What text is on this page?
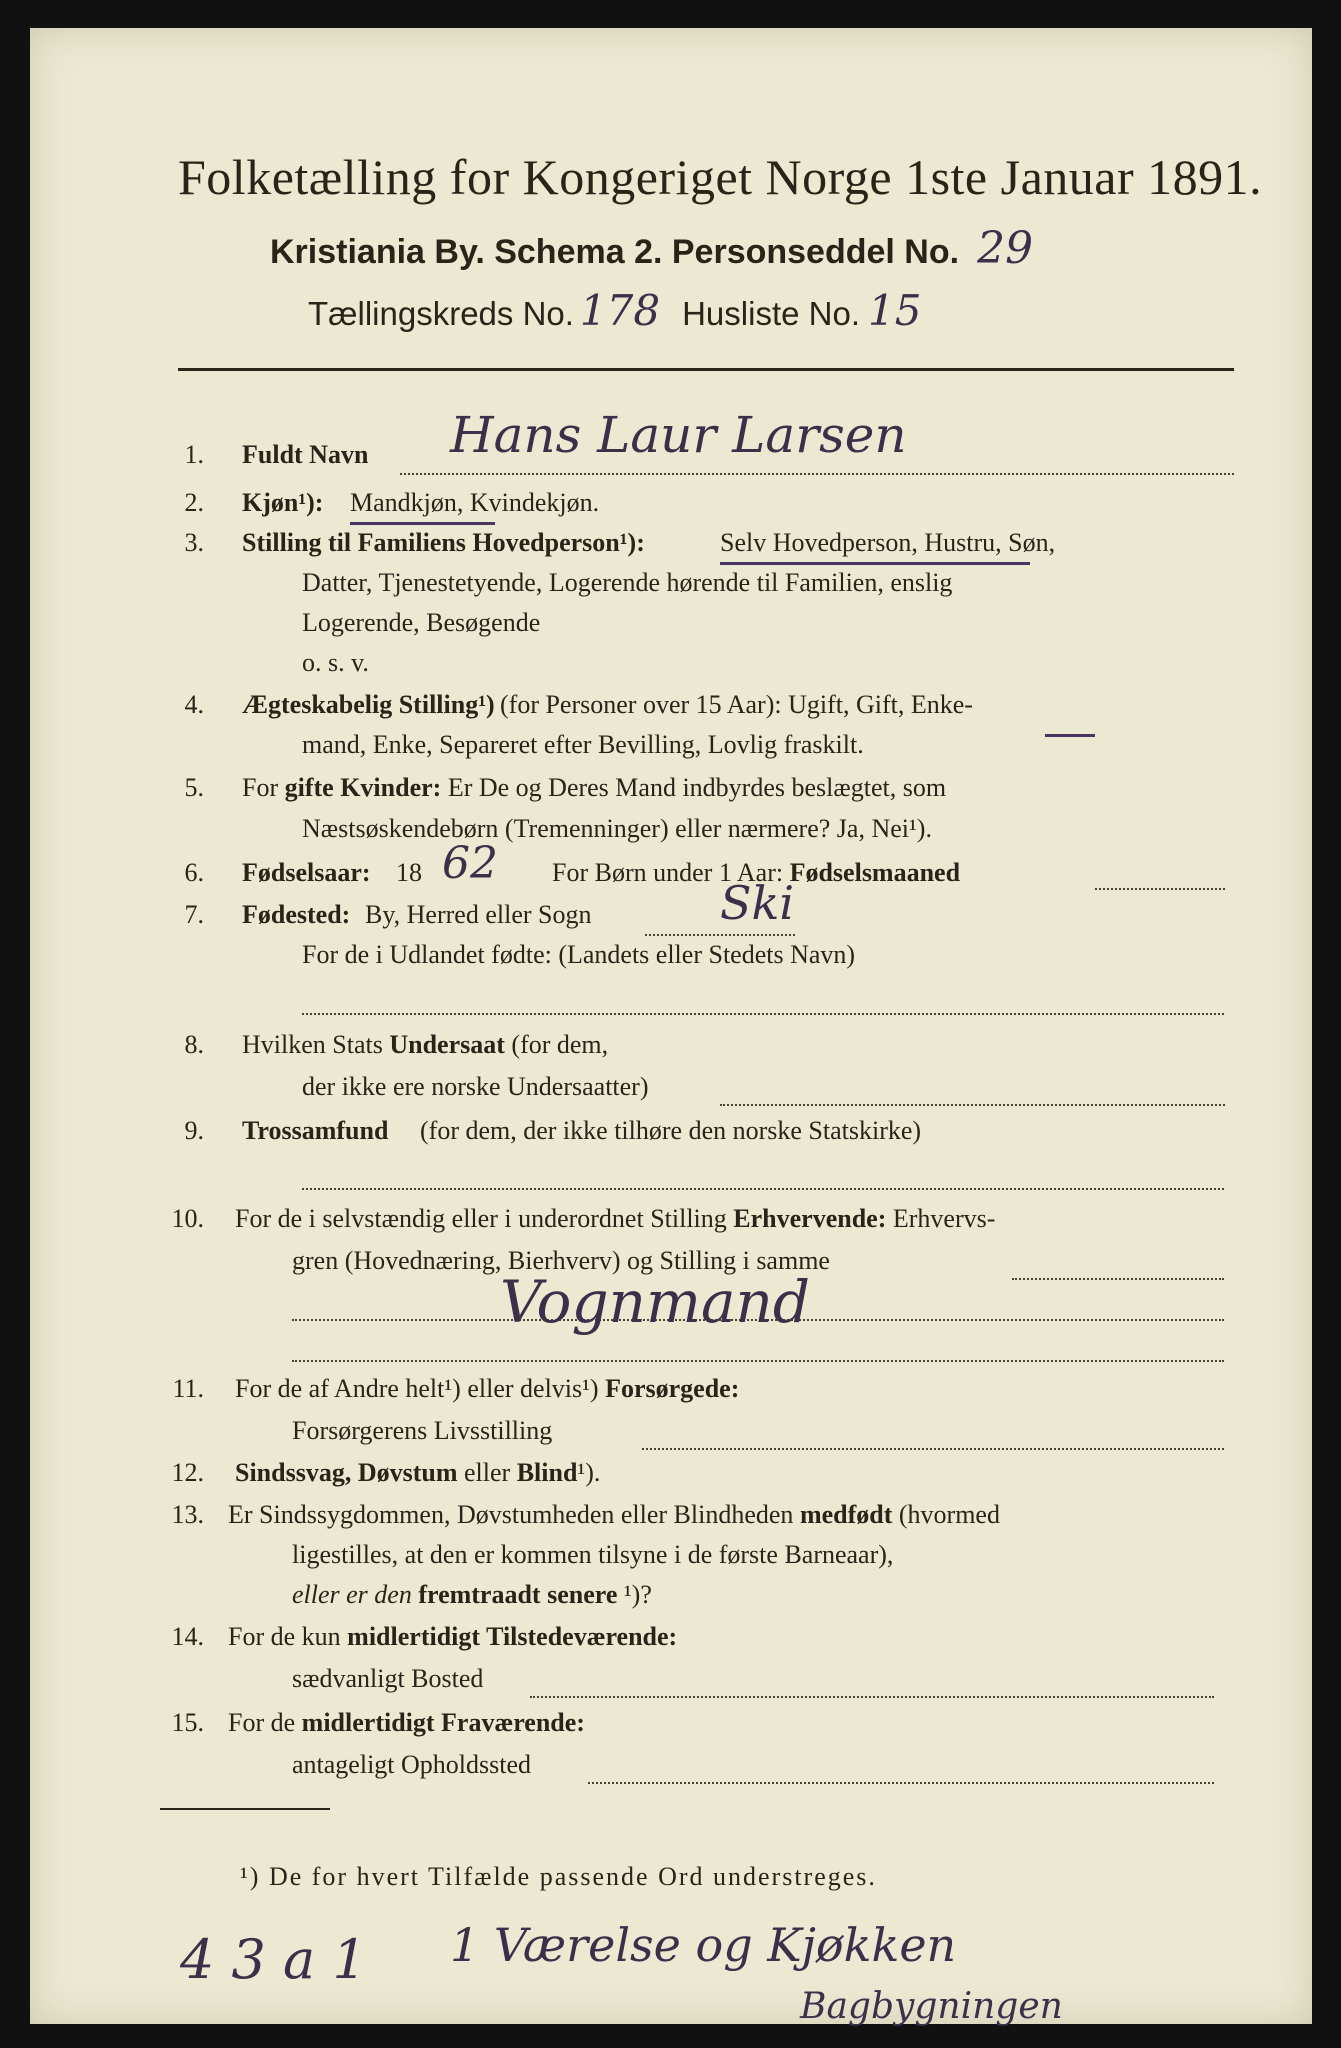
Folketælling for Kongeriget Norge 1ste Januar 1891.
Kristiania By. Schema 2. Personseddel No. 29
Tællingskreds No. 178 Husliste No. 15
1. Fuldt Navn Hans Laur Larsen
2. Kjøn¹): Mandkjøn, Kvindekjøn.
3. Stilling til Familiens Hovedperson¹):	Selv Hovedperson, Hustru, Søn,
Datter, Tjenestetyende, Logerende hørende til Familien, enslig
Logerende, Besøgende
o. s. v.
4. Ægteskabelig Stilling¹) (for Personer over 15 Aar): Ugift, Gift, Enke-
mand, Enke, Separeret efter Bevilling, Lovlig fraskilt.
5. For gifte Kvinder: Er De og Deres Mand indbyrdes beslægtet, som
Næstsøskendebørn (Tremenninger) eller nærmere? Ja, Nei¹).
6. Fødselsaar: 18	For Børn under 1 Aar: Fødselsmaaned
62
7. Fødested: By, Herred eller Sogn	Ski
For de i Udlandet fødte: (Landets eller Stedets Navn)
8. Hvilken Stats Undersaat (for dem,
der ikke ere norske Undersaatter)
9. Trossamfund (for dem, der ikke tilhøre den norske Statskirke)
10. For de i selvstændig eller i underordnet Stilling Erhvervende: Erhvervs-
gren (Hovednæring, Bierhverv) og Stilling i samme
Vognmand
11. For de af Andre helt¹) eller delvis¹) Forsørgede:
Forsørgerens Livsstilling
12. Sindssvag, Døvstum eller Blind¹).
13. Er Sindssygdommen, Døvstumheden eller Blindheden medfødt (hvormed
ligestilles, at den er kommen tilsyne i de første Barneaar),
eller er den fremtraadt senere ¹)?
14. For de kun midlertidigt Tilstedeværende:
sædvanligt Bosted
15. For de midlertidigt Fraværende:
antageligt Opholdssted
¹) De for hvert Tilfælde passende Ord understreges.
4 3 a 1 1 Værelse og Kjøkken
Bagbygningen
